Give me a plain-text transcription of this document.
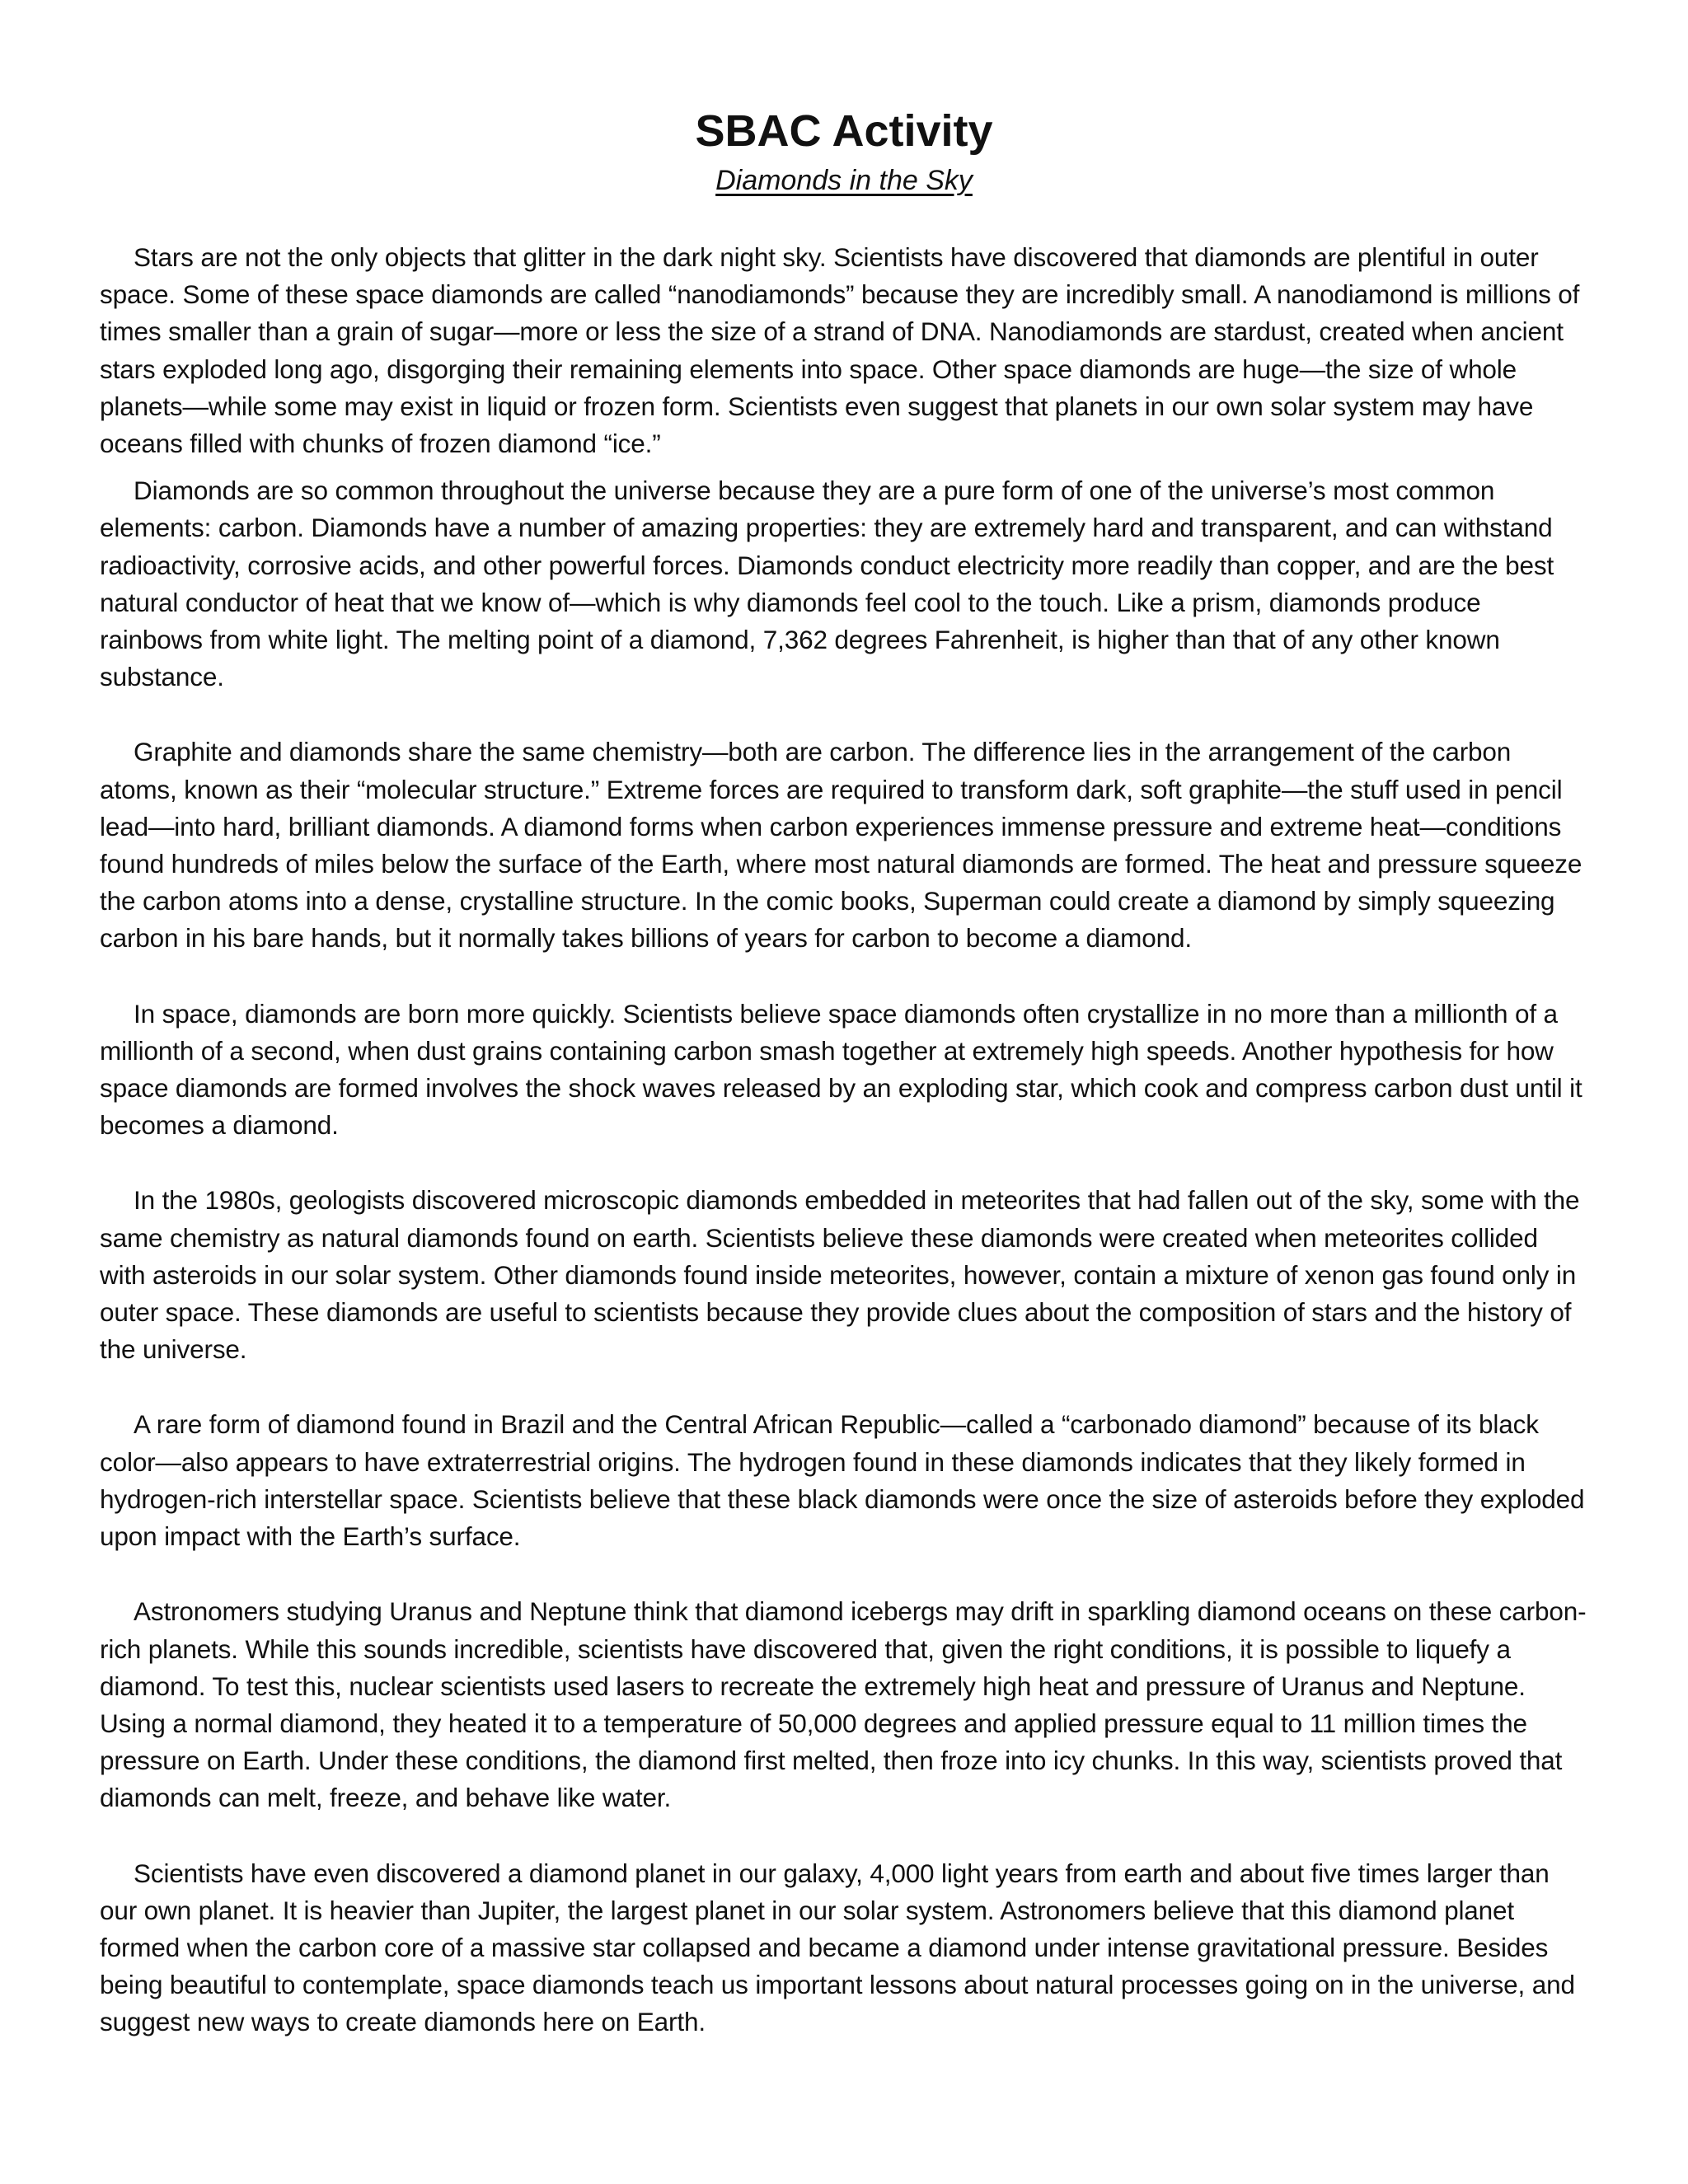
SBAC Activity
Diamonds in the Sky

Stars are not the only objects that glitter in the dark night sky. Scientists have discovered that diamonds are plentiful in outer space. Some of these space diamonds are called “nanodiamonds” because they are incredibly small. A nanodiamond is millions of times smaller than a grain of sugar—more or less the size of a strand of DNA. Nanodiamonds are stardust, created when ancient stars exploded long ago, disgorging their remaining elements into space. Other space diamonds are huge—the size of whole planets—while some may exist in liquid or frozen form. Scientists even suggest that planets in our own solar system may have oceans filled with chunks of frozen diamond “ice.”

Diamonds are so common throughout the universe because they are a pure form of one of the universe’s most common elements: carbon. Diamonds have a number of amazing properties: they are extremely hard and transparent, and can withstand radioactivity, corrosive acids, and other powerful forces. Diamonds conduct electricity more readily than copper, and are the best natural conductor of heat that we know of—which is why diamonds feel cool to the touch. Like a prism, diamonds produce rainbows from white light. The melting point of a diamond, 7,362 degrees Fahrenheit, is higher than that of any other known substance.

Graphite and diamonds share the same chemistry—both are carbon. The difference lies in the arrangement of the carbon atoms, known as their “molecular structure.” Extreme forces are required to transform dark, soft graphite—the stuff used in pencil lead—into hard, brilliant diamonds. A diamond forms when carbon experiences immense pressure and extreme heat—conditions found hundreds of miles below the surface of the Earth, where most natural diamonds are formed. The heat and pressure squeeze the carbon atoms into a dense, crystalline structure. In the comic books, Superman could create a diamond by simply squeezing carbon in his bare hands, but it normally takes billions of years for carbon to become a diamond.

In space, diamonds are born more quickly. Scientists believe space diamonds often crystallize in no more than a millionth of a millionth of a second, when dust grains containing carbon smash together at extremely high speeds. Another hypothesis for how space diamonds are formed involves the shock waves released by an exploding star, which cook and compress carbon dust until it becomes a diamond.

In the 1980s, geologists discovered microscopic diamonds embedded in meteorites that had fallen out of the sky, some with the same chemistry as natural diamonds found on earth. Scientists believe these diamonds were created when meteorites collided with asteroids in our solar system. Other diamonds found inside meteorites, however, contain a mixture of xenon gas found only in outer space. These diamonds are useful to scientists because they provide clues about the composition of stars and the history of the universe.

A rare form of diamond found in Brazil and the Central African Republic—called a “carbonado diamond” because of its black color—also appears to have extraterrestrial origins. The hydrogen found in these diamonds indicates that they likely formed in hydrogen-rich interstellar space. Scientists believe that these black diamonds were once the size of asteroids before they exploded upon impact with the Earth’s surface.

Astronomers studying Uranus and Neptune think that diamond icebergs may drift in sparkling diamond oceans on these carbon-rich planets. While this sounds incredible, scientists have discovered that, given the right conditions, it is possible to liquefy a diamond. To test this, nuclear scientists used lasers to recreate the extremely high heat and pressure of Uranus and Neptune. Using a normal diamond, they heated it to a temperature of 50,000 degrees and applied pressure equal to 11 million times the pressure on Earth. Under these conditions, the diamond first melted, then froze into icy chunks. In this way, scientists proved that diamonds can melt, freeze, and behave like water.

Scientists have even discovered a diamond planet in our galaxy, 4,000 light years from earth and about five times larger than our own planet. It is heavier than Jupiter, the largest planet in our solar system. Astronomers believe that this diamond planet formed when the carbon core of a massive star collapsed and became a diamond under intense gravitational pressure. Besides being beautiful to contemplate, space diamonds teach us important lessons about natural processes going on in the universe, and suggest new ways to create diamonds here on Earth.
